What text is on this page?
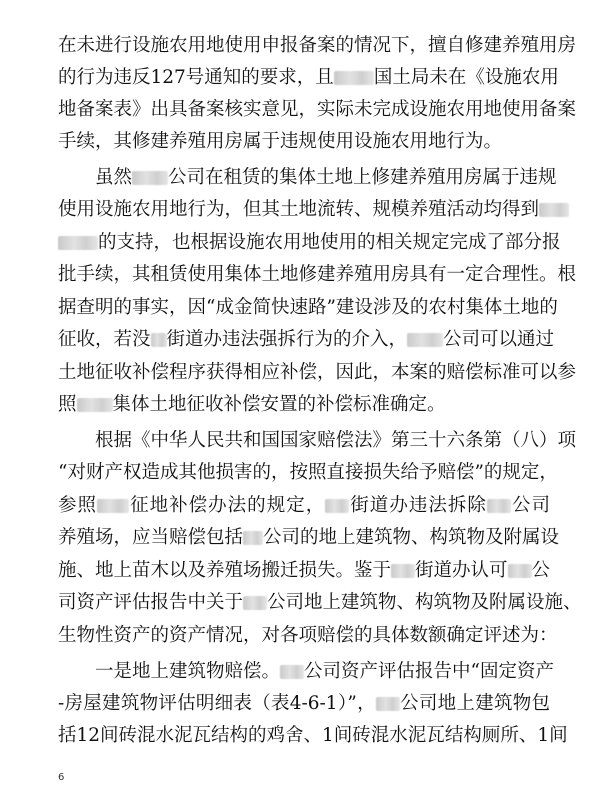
在未进行设施农用地使用申报备案的情况下，擅自修建养殖用房
的行为违反127号通知的要求，且 国土局未在《设施农用
地备案表》出具备案核实意见，实际未完成设施农用地使用备案
手续，其修建养殖用房属于违规使用设施农用地行为。
虽然 公司在租赁的集体土地上修建养殖用房属于违规
使用设施农用地行为，但其土地流转、规模养殖活动均得到
的支持，也根据设施农用地使用的相关规定完成了部分报
批手续，其租赁使用集体土地修建养殖用房具有一定合理性。根
据查明的事实，因“成金简快速路”建设涉及的农村集体土地的
征收，若没 街道办违法强拆行为的介入， 公司可以通过
土地征收补偿程序获得相应补偿，因此，本案的赔偿标准可以参
照 集体土地征收补偿安置的补偿标准确定。
根据《中华人民共和国国家赔偿法》第三十六条第（八）项
“对财产权造成其他损害的，按照直接损失给予赔偿”的规定，
参照 征地补偿办法的规定， 街道办违法拆除 公司
养殖场，应当赔偿包括 公司的地上建筑物、构筑物及附属设
施、地上苗木以及养殖场搬迁损失。鉴于 街道办认可 公
司资产评估报告中关于 公司地上建筑物、构筑物及附属设施、
生物性资产的资产情况，对各项赔偿的具体数额确定评述为：
一是地上建筑物赔偿。 公司资产评估报告中“固定资产
-房屋建筑物评估明细表（表4-6-1）”， 公司地上建筑物包
括12间砖混水泥瓦结构的鸡舍、1间砖混水泥瓦结构厕所、1间
6
